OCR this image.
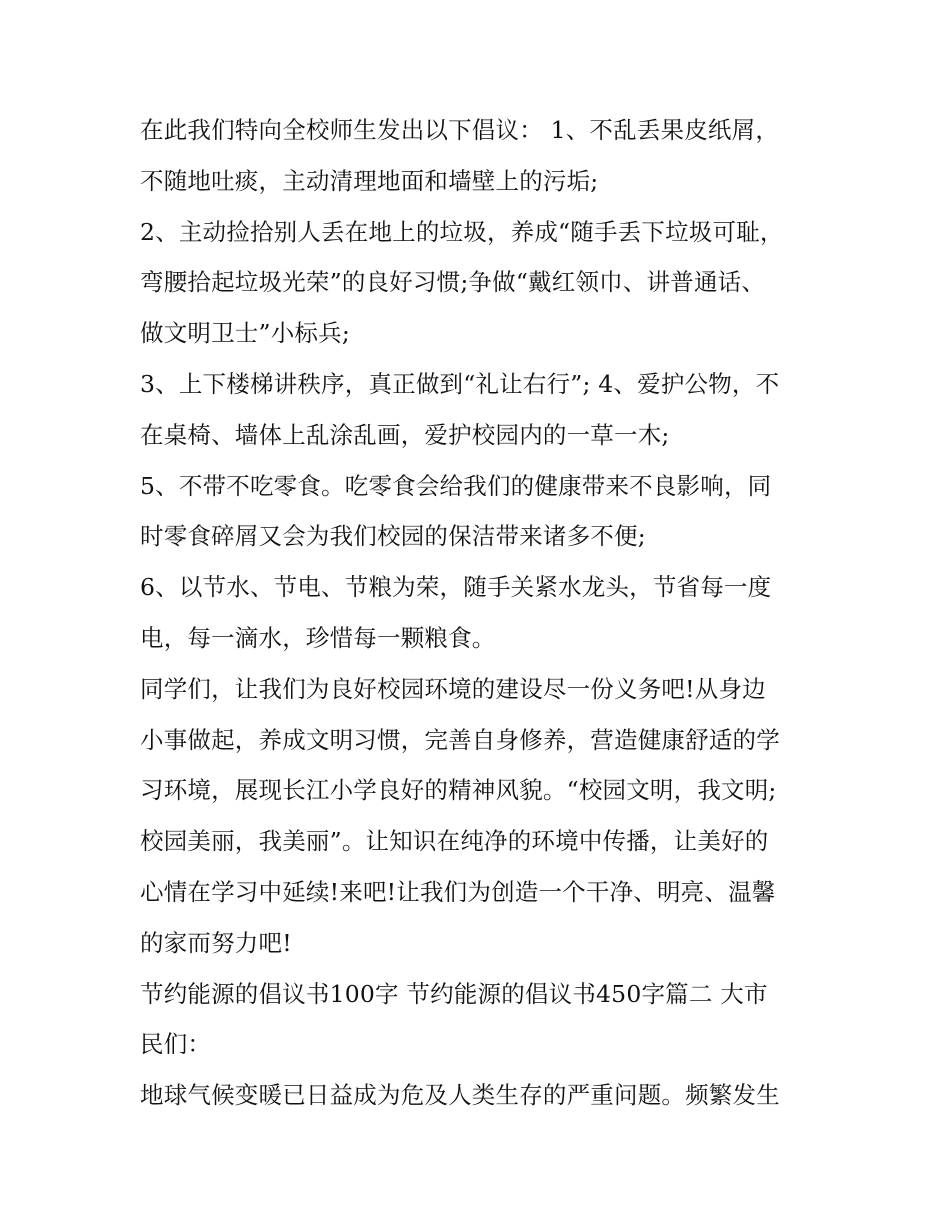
在此我们特向全校师生发出以下倡议： 1、不乱丢果皮纸屑，
不随地吐痰，主动清理地面和墙壁上的污垢;
2、主动捡拾别人丢在地上的垃圾，养成“随手丢下垃圾可耻，
弯腰拾起垃圾光荣”的良好习惯;争做“戴红领巾、讲普通话、
做文明卫士”小标兵;
3、上下楼梯讲秩序，真正做到“礼让右行”; 4、爱护公物，不
在桌椅、墙体上乱涂乱画，爱护校园内的一草一木;
5、不带不吃零食。吃零食会给我们的健康带来不良影响，同
时零食碎屑又会为我们校园的保洁带来诸多不便;
6、以节水、节电、节粮为荣，随手关紧水龙头，节省每一度
电，每一滴水，珍惜每一颗粮食。
同学们，让我们为良好校园环境的建设尽一份义务吧!从身边
小事做起，养成文明习惯，完善自身修养，营造健康舒适的学
习环境，展现长江小学良好的精神风貌。“校园文明，我文明;
校园美丽，我美丽”。让知识在纯净的环境中传播，让美好的
心情在学习中延续!来吧!让我们为创造一个干净、明亮、温馨
的家而努力吧!
节约能源的倡议书100字 节约能源的倡议书450字篇二 大市
民们：
地球气候变暖已日益成为危及人类生存的严重问题。频繁发生
